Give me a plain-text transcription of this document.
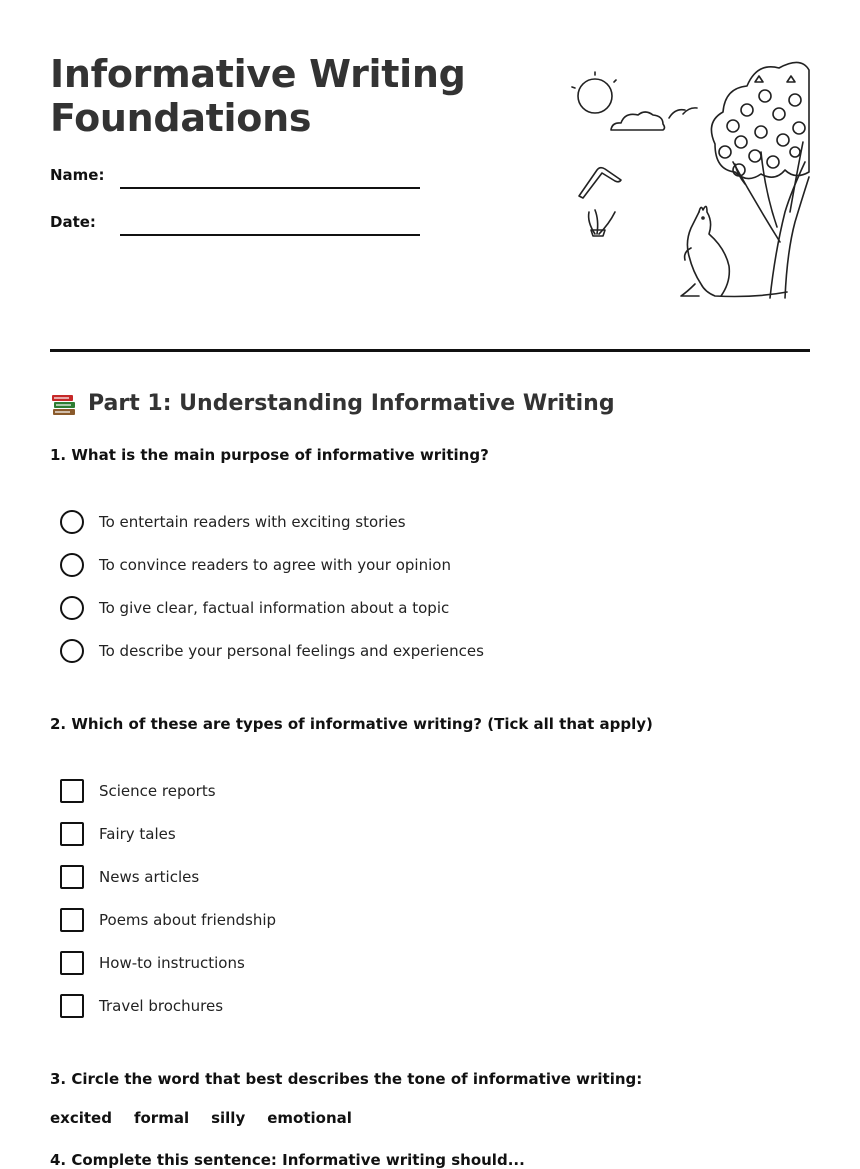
Informative Writing
Foundations
Name:
Date:
Part 1: Understanding Informative Writing

1. What is the main purpose of informative writing?

To entertain readers with exciting stories
To convince readers to agree with your opinion
To give clear, factual information about a topic
To describe your personal feelings and experiences

2. Which of these are types of informative writing? (Tick all that apply)

Science reports
Fairy tales
News articles
Poems about friendship
How-to instructions
Travel brochures

3. Circle the word that best describes the tone of informative writing:

excited formal silly emotional
4. Complete this sentence: Informative writing should...
